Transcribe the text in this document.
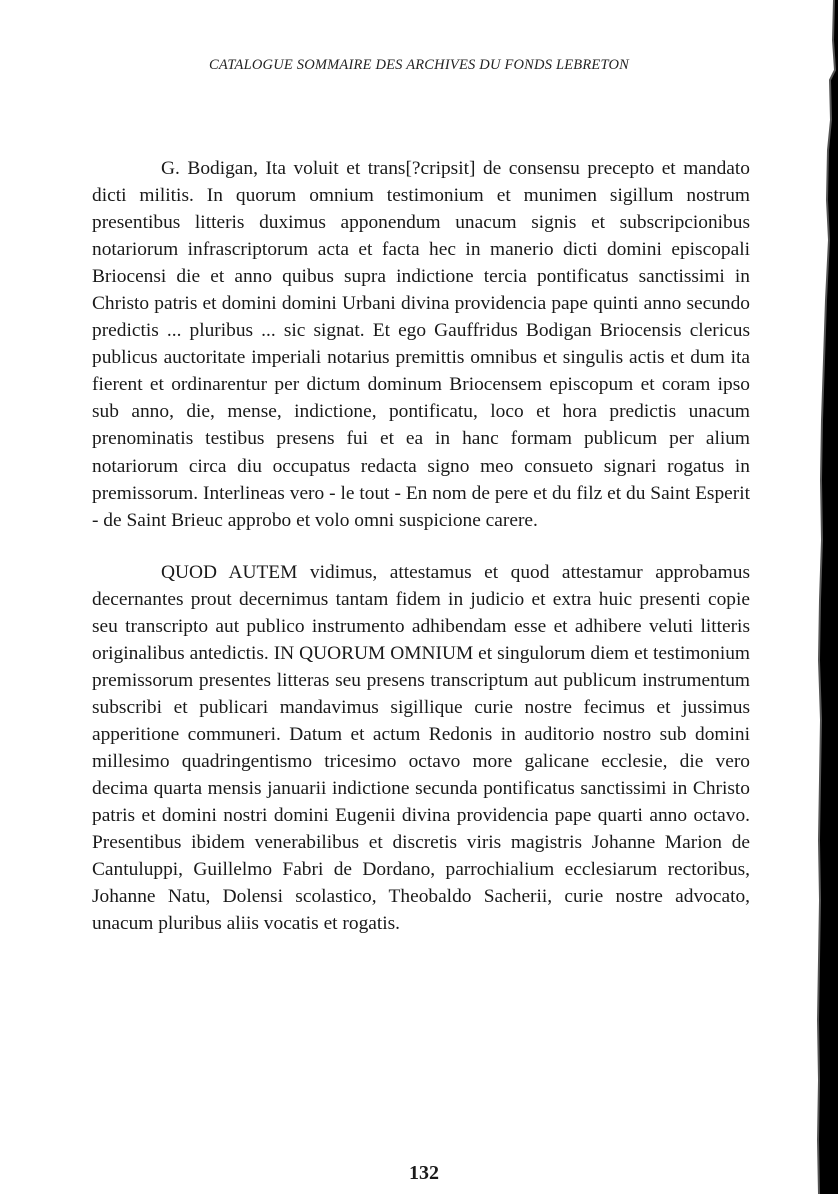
CATALOGUE SOMMAIRE DES ARCHIVES DU FONDS LEBRETON

G. Bodigan, Ita voluit et trans[?cripsit] de consensu precepto et mandato dicti militis. In quorum omnium testimonium et munimen sigillum nostrum presentibus litteris duximus apponendum unacum signis et subscripcionibus notariorum infrascriptorum acta et facta hec in manerio dicti domini episcopali Briocensi die et anno quibus supra indictione tercia pontificatus sanctissimi in Christo patris et domini domini Urbani divina providencia pape quinti anno secundo predictis ... pluribus ... sic signat. Et ego Gauffridus Bodigan Briocensis clericus publicus auctoritate imperiali notarius premittis omnibus et singulis actis et dum ita fierent et ordinarentur per dictum dominum Briocensem episcopum et coram ipso sub anno, die, mense, indictione, pontificatu, loco et hora predictis unacum prenominatis testibus presens fui et ea in hanc formam publicum per alium notariorum circa diu occupatus redacta signo meo consueto signari rogatus in premissorum. Interlineas vero - le tout - En nom de pere et du filz et du Saint Esperit - de Saint Brieuc approbo et volo omni suspicione carere.

QUOD AUTEM vidimus, attestamus et quod attestamur approbamus decernantes prout decernimus tantam fidem in judicio et extra huic presenti copie seu transcripto aut publico instrumento adhibendam esse et adhibere veluti litteris originalibus antedictis. IN QUORUM OMNIUM et singulorum diem et testimonium premissorum presentes litteras seu presens transcriptum aut publicum instrumentum subscribi et publicari mandavimus sigillique curie nostre fecimus et jussimus apperitione communeri. Datum et actum Redonis in auditorio nostro sub domini millesimo quadringentismo tricesimo octavo more galicane ecclesie, die vero decima quarta mensis januarii indictione secunda pontificatus sanctissimi in Christo patris et domini nostri domini Eugenii divina providencia pape quarti anno octavo. Presentibus ibidem venerabilibus et discretis viris magistris Johanne Marion de Cantuluppi, Guillelmo Fabri de Dordano, parrochialium ecclesiarum rectoribus, Johanne Natu, Dolensi scolastico, Theobaldo Sacherii, curie nostre advocato, unacum pluribus aliis vocatis et rogatis.

132
